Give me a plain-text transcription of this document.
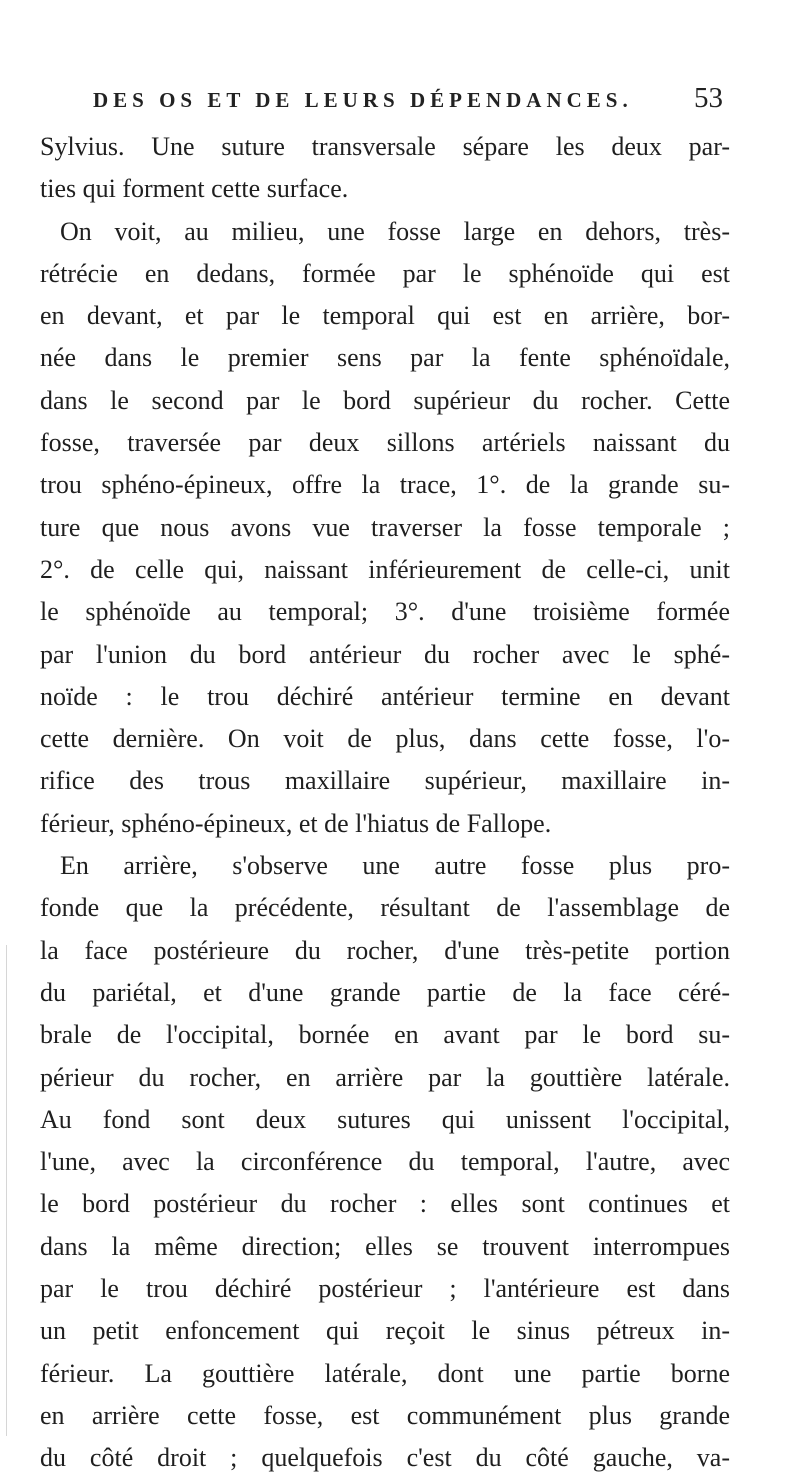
DES OS ET DE LEURS DÉPENDANCES. 53
Sylvius. Une suture transversale sépare les deux par-
ties qui forment cette surface.
On voit, au milieu, une fosse large en dehors, très-
rétrécie en dedans, formée par le sphénoïde qui est
en devant, et par le temporal qui est en arrière, bor-
née dans le premier sens par la fente sphénoïdale,
dans le second par le bord supérieur du rocher. Cette
fosse, traversée par deux sillons artériels naissant du
trou sphéno-épineux, offre la trace, 1°. de la grande su-
ture que nous avons vue traverser la fosse temporale ;
2°. de celle qui, naissant inférieurement de celle-ci, unit
le sphénoïde au temporal; 3°. d'une troisième formée
par l'union du bord antérieur du rocher avec le sphé-
noïde : le trou déchiré antérieur termine en devant
cette dernière. On voit de plus, dans cette fosse, l'o-
rifice des trous maxillaire supérieur, maxillaire in-
férieur, sphéno-épineux, et de l'hiatus de Fallope.
En arrière, s'observe une autre fosse plus pro-
fonde que la précédente, résultant de l'assemblage de
la face postérieure du rocher, d'une très-petite portion
du pariétal, et d'une grande partie de la face céré-
brale de l'occipital, bornée en avant par le bord su-
périeur du rocher, en arrière par la gouttière latérale.
Au fond sont deux sutures qui unissent l'occipital,
l'une, avec la circonférence du temporal, l'autre, avec
le bord postérieur du rocher : elles sont continues et
dans la même direction; elles se trouvent interrompues
par le trou déchiré postérieur ; l'antérieure est dans
un petit enfoncement qui reçoit le sinus pétreux in-
férieur. La gouttière latérale, dont une partie borne
en arrière cette fosse, est communément plus grande
du côté droit ; quelquefois c'est du côté gauche, va-
